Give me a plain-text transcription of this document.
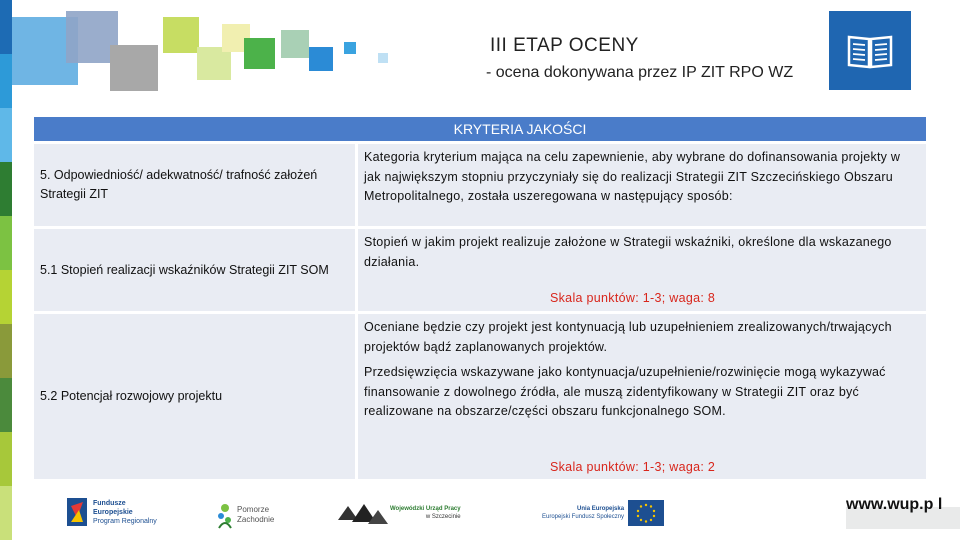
III ETAP OCENY
- ocena dokonywana przez IP ZIT RPO WZ
KRYTERIA JAKOŚCI
5. Odpowiedniość/ adekwatność/ trafność założeń Strategii ZIT

Kategoria kryterium mająca na celu zapewnienie, aby wybrane do dofinansowania projekty w jak największym stopniu przyczyniały się do realizacji Strategii ZIT Szczecińskiego Obszaru Metropolitalnego, została uszeregowana w następujący sposób:

5.1 Stopień realizacji wskaźników Strategii ZIT SOM

Stopień w jakim projekt realizuje założone w Strategii wskaźniki, określone dla wskazanego działania.

Skala punktów: 1-3; waga: 8
5.2 Potencjał rozwojowy projektu

Oceniane będzie czy projekt jest kontynuacją lub uzupełnieniem zrealizowanych/trwających projektów bądź zaplanowanych projektów.

Przedsięwzięcia wskazywane jako kontynuacja/uzupełnienie/rozwinięcie mogą wykazywać finansowanie z dowolnego źródła, ale muszą zidentyfikowany w Strategii ZIT oraz być realizowane na obszarze/części obszaru funkcjonalnego SOM.

Skala punktów: 1-3; waga: 2
Fundusze
Europejskie
Program Regionalny
Pomorze
Zachodnie
Wojewódzki Urząd Pracy
w Szczecinie
Unia Europejska
Europejski Fundusz Społeczny
www.wup.p l
